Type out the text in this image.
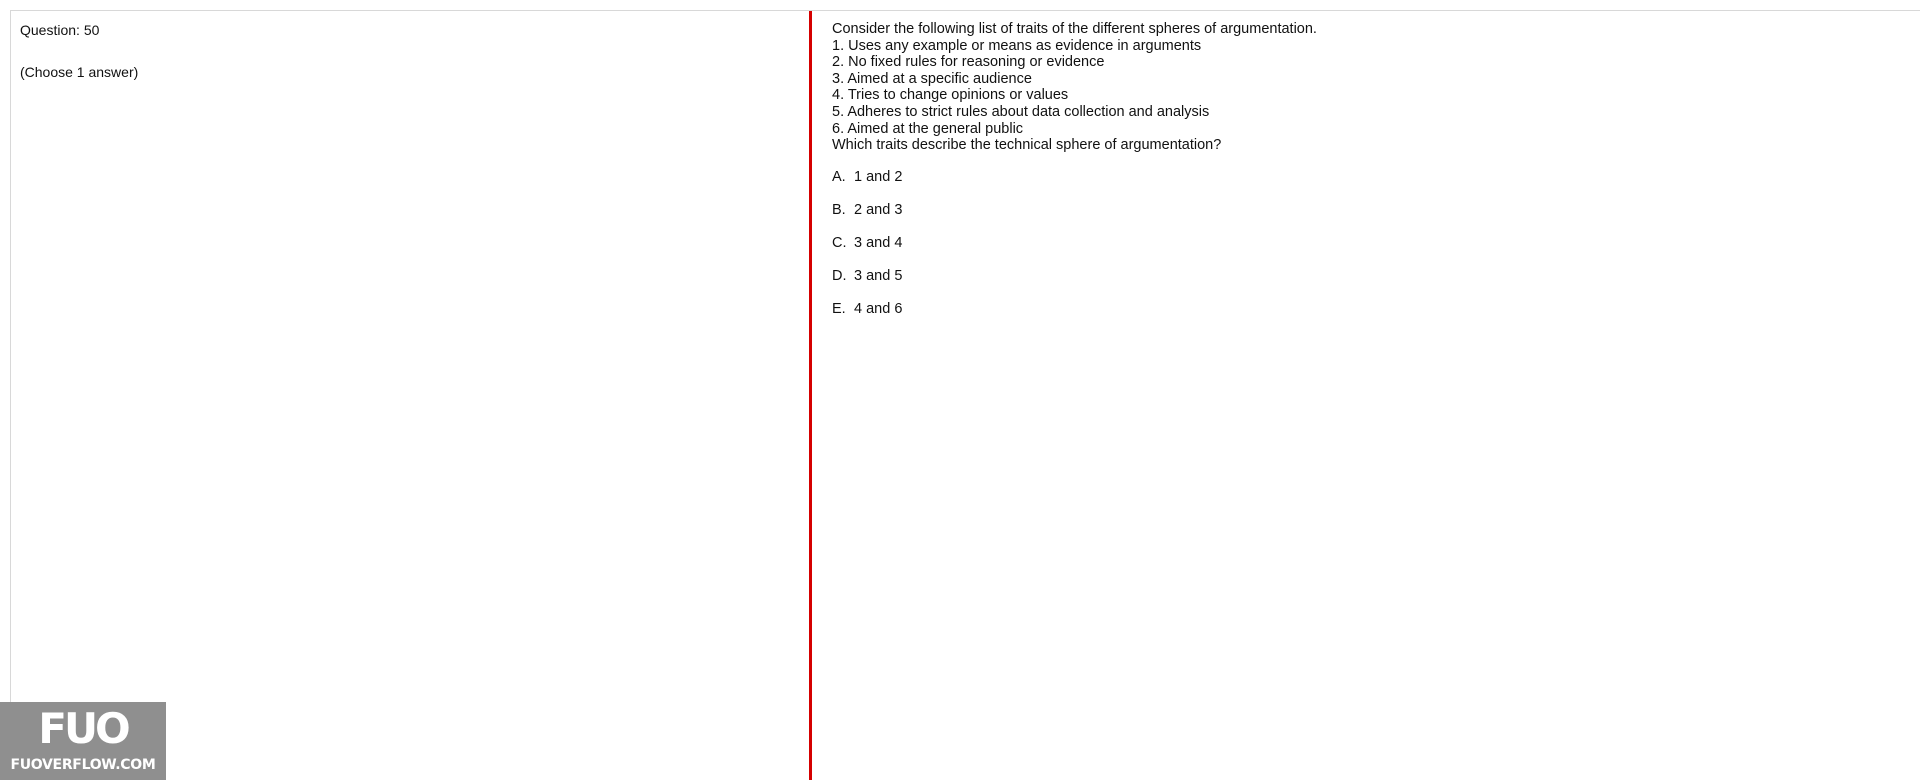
Question: 50
(Choose 1 answer)
Consider the following list of traits of the different spheres of argumentation.
1. Uses any example or means as evidence in arguments
2. No fixed rules for reasoning or evidence
3. Aimed at a specific audience
4. Tries to change opinions or values
5. Adheres to strict rules about data collection and analysis
6. Aimed at the general public
Which traits describe the technical sphere of argumentation?
A. 1 and 2
B. 2 and 3
C. 3 and 4
D. 3 and 5
E. 4 and 6
FUO
FUOVERFLOW.COM
